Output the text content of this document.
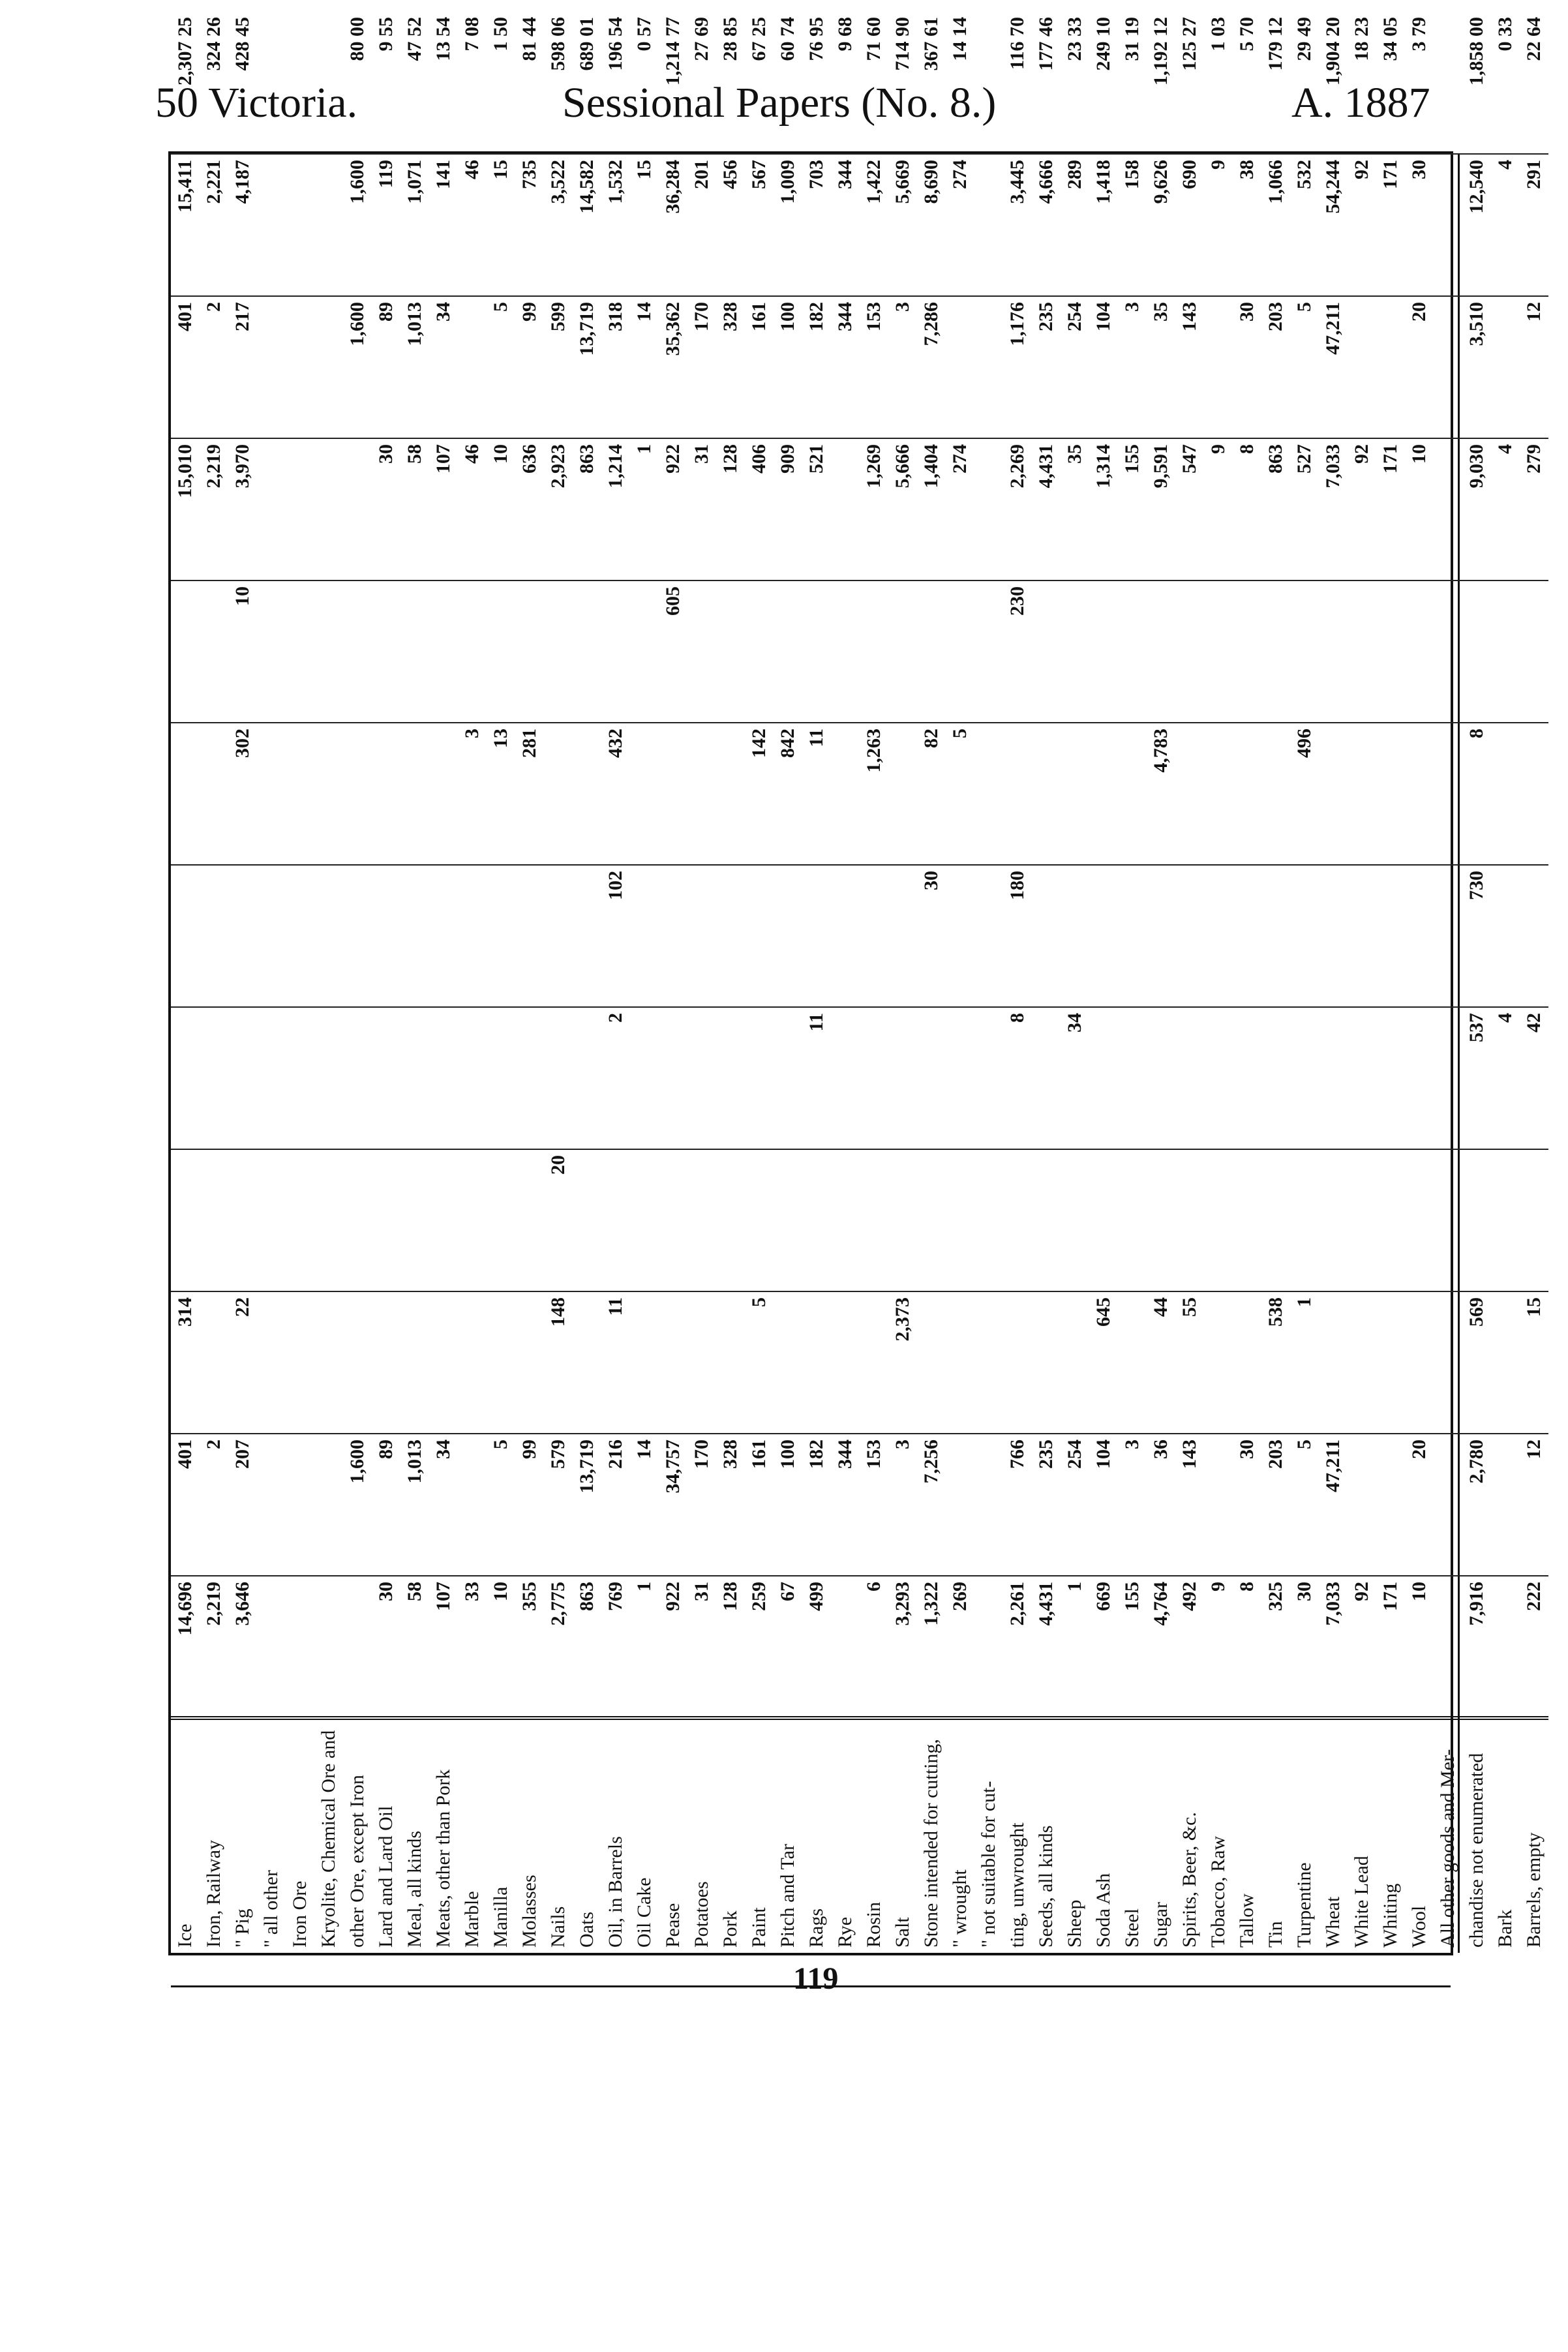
50 Victoria.	Sessional Papers (No. 8.)	A. 1887
Ice	14,696	401	314						15,010	401	15,411	2,307 25
Iron, Railway	2,219	2							2,219	2	2,221	324 26
" Pig	3,646	207	22				302	10	3,970	217	4,187	428 45
" all other												
Iron Ore												
Kryolite, Chemical Ore and												
other Ore, except Iron		1,600								1,600	1,600	80 00
Lard and Lard Oil	30	89							30	89	119	9 55
Meal, all kinds	58	1,013							58	1,013	1,071	47 52
Meats, other than Pork	107	34							107	34	141	13 54
Marble	33						3		46		46	7 08
Manilla	10	5					13		10	5	15	1 50
Molasses	355	99					281		636	99	735	81 44
Nails	2,775	579	148	20					2,923	599	3,522	598 06
Oats	863	13,719							863	13,719	14,582	689 01
Oil, in Barrels	769	216	11		2	102	432		1,214	318	1,532	196 54
Oil Cake	1	14							1	14	15	0 57
Pease	922	34,757						605	922	35,362	36,284	1,214 77
Potatoes	31	170							31	170	201	27 69
Pork	128	328							128	328	456	28 85
Paint	259	161	5				142		406	161	567	67 25
Pitch and Tar	67	100					842		909	100	1,009	60 74
Rags	499	182			11		11		521	182	703	76 95
Rye		344								344	344	9 68
Rosin	6	153					1,263		1,269	153	1,422	71 60
Salt	3,293	3	2,373						5,666	3	5,669	714 90
Stone intended for cutting,	1,322	7,256				30	82		1,404	7,286	8,690	367 61
" wrought	269						5		274		274	14 14
" not suitable for cut-												
ting, unwrought	2,261	766			8	180		230	2,269	1,176	3,445	116 70
Seeds, all kinds	4,431	235							4,431	235	4,666	177 46
Sheep	1	254			34				35	254	289	23 33
Soda Ash	669	104	645						1,314	104	1,418	249 10
Steel	155	3							155	3	158	31 19
Sugar	4,764	36	44				4,783		9,591	35	9,626	1,192 12
Spirits, Beer, &c.	492	143	55						547	143	690	125 27
Tobacco, Raw	9								9		9	1 03
Tallow	8	30							8	30	38	5 70
Tin	325	203	538						863	203	1,066	179 12
Turpentine	30	5	1				496		527	5	532	29 49
Wheat	7,033	47,211							7,033	47,211	54,244	1,904 20
White Lead	92								92		92	18 23
Whiting	171								171		171	34 05
Wool	10	20							10	20	30	3 79
All other goods and Mer-												
chandise not enumerated	7,916	2,780	569		537	730	8		9,030	3,510	12,540	1,858 00
Bark					4				4		4	0 33
Barrels, empty	222	12	15		42				279	12	291	22 64
119
